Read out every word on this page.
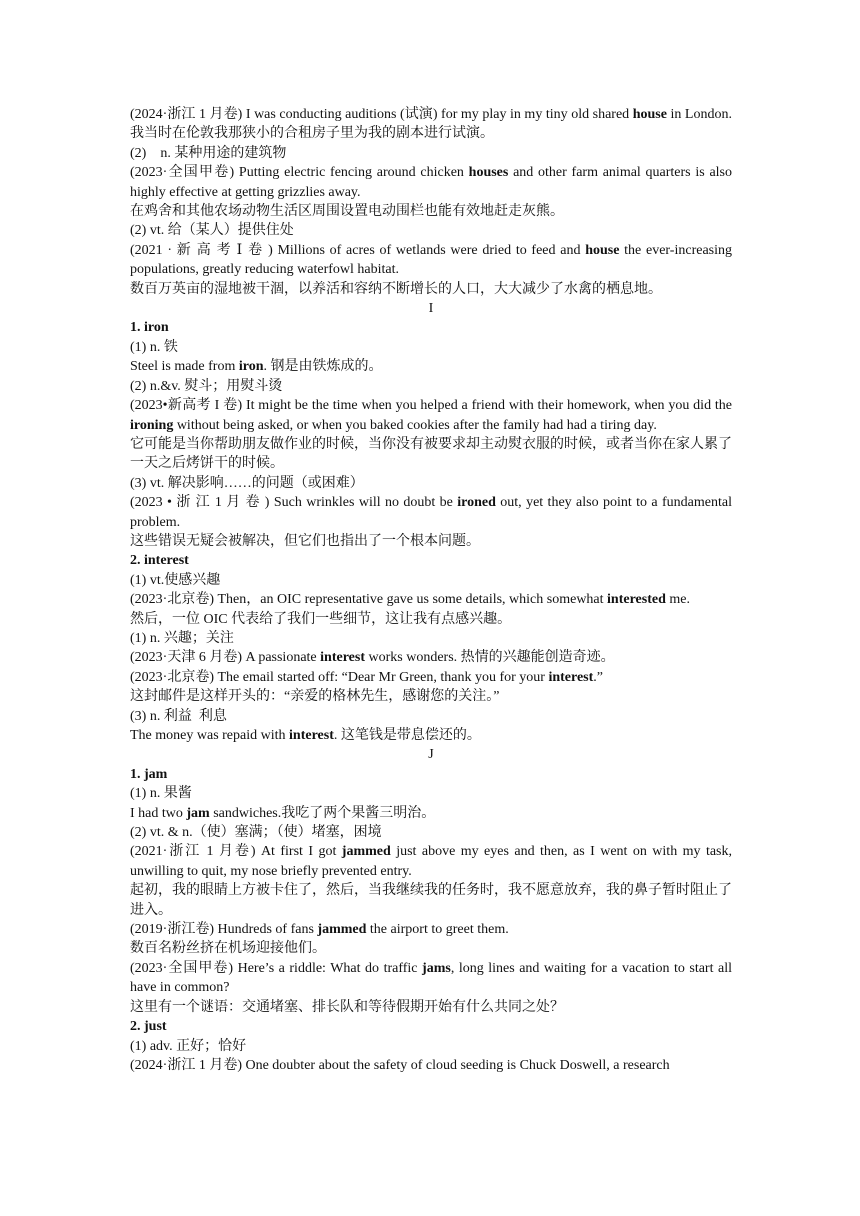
(2024·浙江 1 月卷) I was conducting auditions (试演) for my play in my tiny old shared house in London. 我当时在伦敦我那狭小的合租房子里为我的剧本进行试演。

(2)    n. 某种用途的建筑物

(2023·全国甲卷) Putting electric fencing around chicken houses and other farm animal quarters is also highly effective at getting grizzlies away.

在鸡舍和其他农场动物生活区周围设置电动围栏也能有效地赶走灰熊。

(2) vt. 给（某人）提供住处

(2021 · 新 高 考 Ⅰ 卷 ) Millions of acres of wetlands were dried to feed and house the ever-increasing populations, greatly reducing waterfowl habitat.

数百万英亩的湿地被干涸，以养活和容纳不断增长的人口，大大减少了水禽的栖息地。

I

1. iron

(1) n. 铁

Steel is made from iron. 钢是由铁炼成的。

(2) n.&v. 熨斗；用熨斗烫

(2023•新高考 I 卷) It might be the time when you helped a friend with their homework, when you did the ironing without being asked, or when you baked cookies after the family had had a tiring day.

它可能是当你帮助朋友做作业的时候，当你没有被要求却主动熨衣服的时候，或者当你在家人累了一天之后烤饼干的时候。

(3) vt. 解决影响……的问题（或困难）

(2023 • 浙 江 1 月 卷 ) Such wrinkles will no doubt be ironed out, yet they also point to a fundamental problem.

这些错误无疑会被解决，但它们也指出了一个根本问题。

2. interest

(1) vt.使感兴趣

(2023·北京卷) Then，an OIC representative gave us some details, which somewhat interested me.

然后，一位 OIC 代表给了我们一些细节，这让我有点感兴趣。

(1) n. 兴趣；关注

(2023·天津 6 月卷) A passionate interest works wonders. 热情的兴趣能创造奇迹。

(2023·北京卷) The email started off: “Dear Mr Green, thank you for your interest.”

这封邮件是这样开头的：“亲爱的格林先生，感谢您的关注。”

(3) n. 利益  利息

The money was repaid with interest. 这笔钱是带息偿还的。

J

1. jam

(1) n. 果酱

I had two jam sandwiches.我吃了两个果酱三明治。

(2) vt. & n.（使）塞满；（使）堵塞，困境

(2021·浙江 1 月卷) At first I got jammed just above my eyes and then, as I went on with my task, unwilling to quit, my nose briefly prevented entry.

起初，我的眼睛上方被卡住了，然后，当我继续我的任务时，我不愿意放弃，我的鼻子暂时阻止了进入。

(2019·浙江卷) Hundreds of fans jammed the airport to greet them.

数百名粉丝挤在机场迎接他们。

(2023·全国甲卷) Here’s a riddle: What do traffic jams, long lines and waiting for a vacation to start all have in common?

这里有一个谜语：交通堵塞、排长队和等待假期开始有什么共同之处？

2. just

(1) adv. 正好；恰好

(2024·浙江 1 月卷) One doubter about the safety of cloud seeding is Chuck Doswell, a research
